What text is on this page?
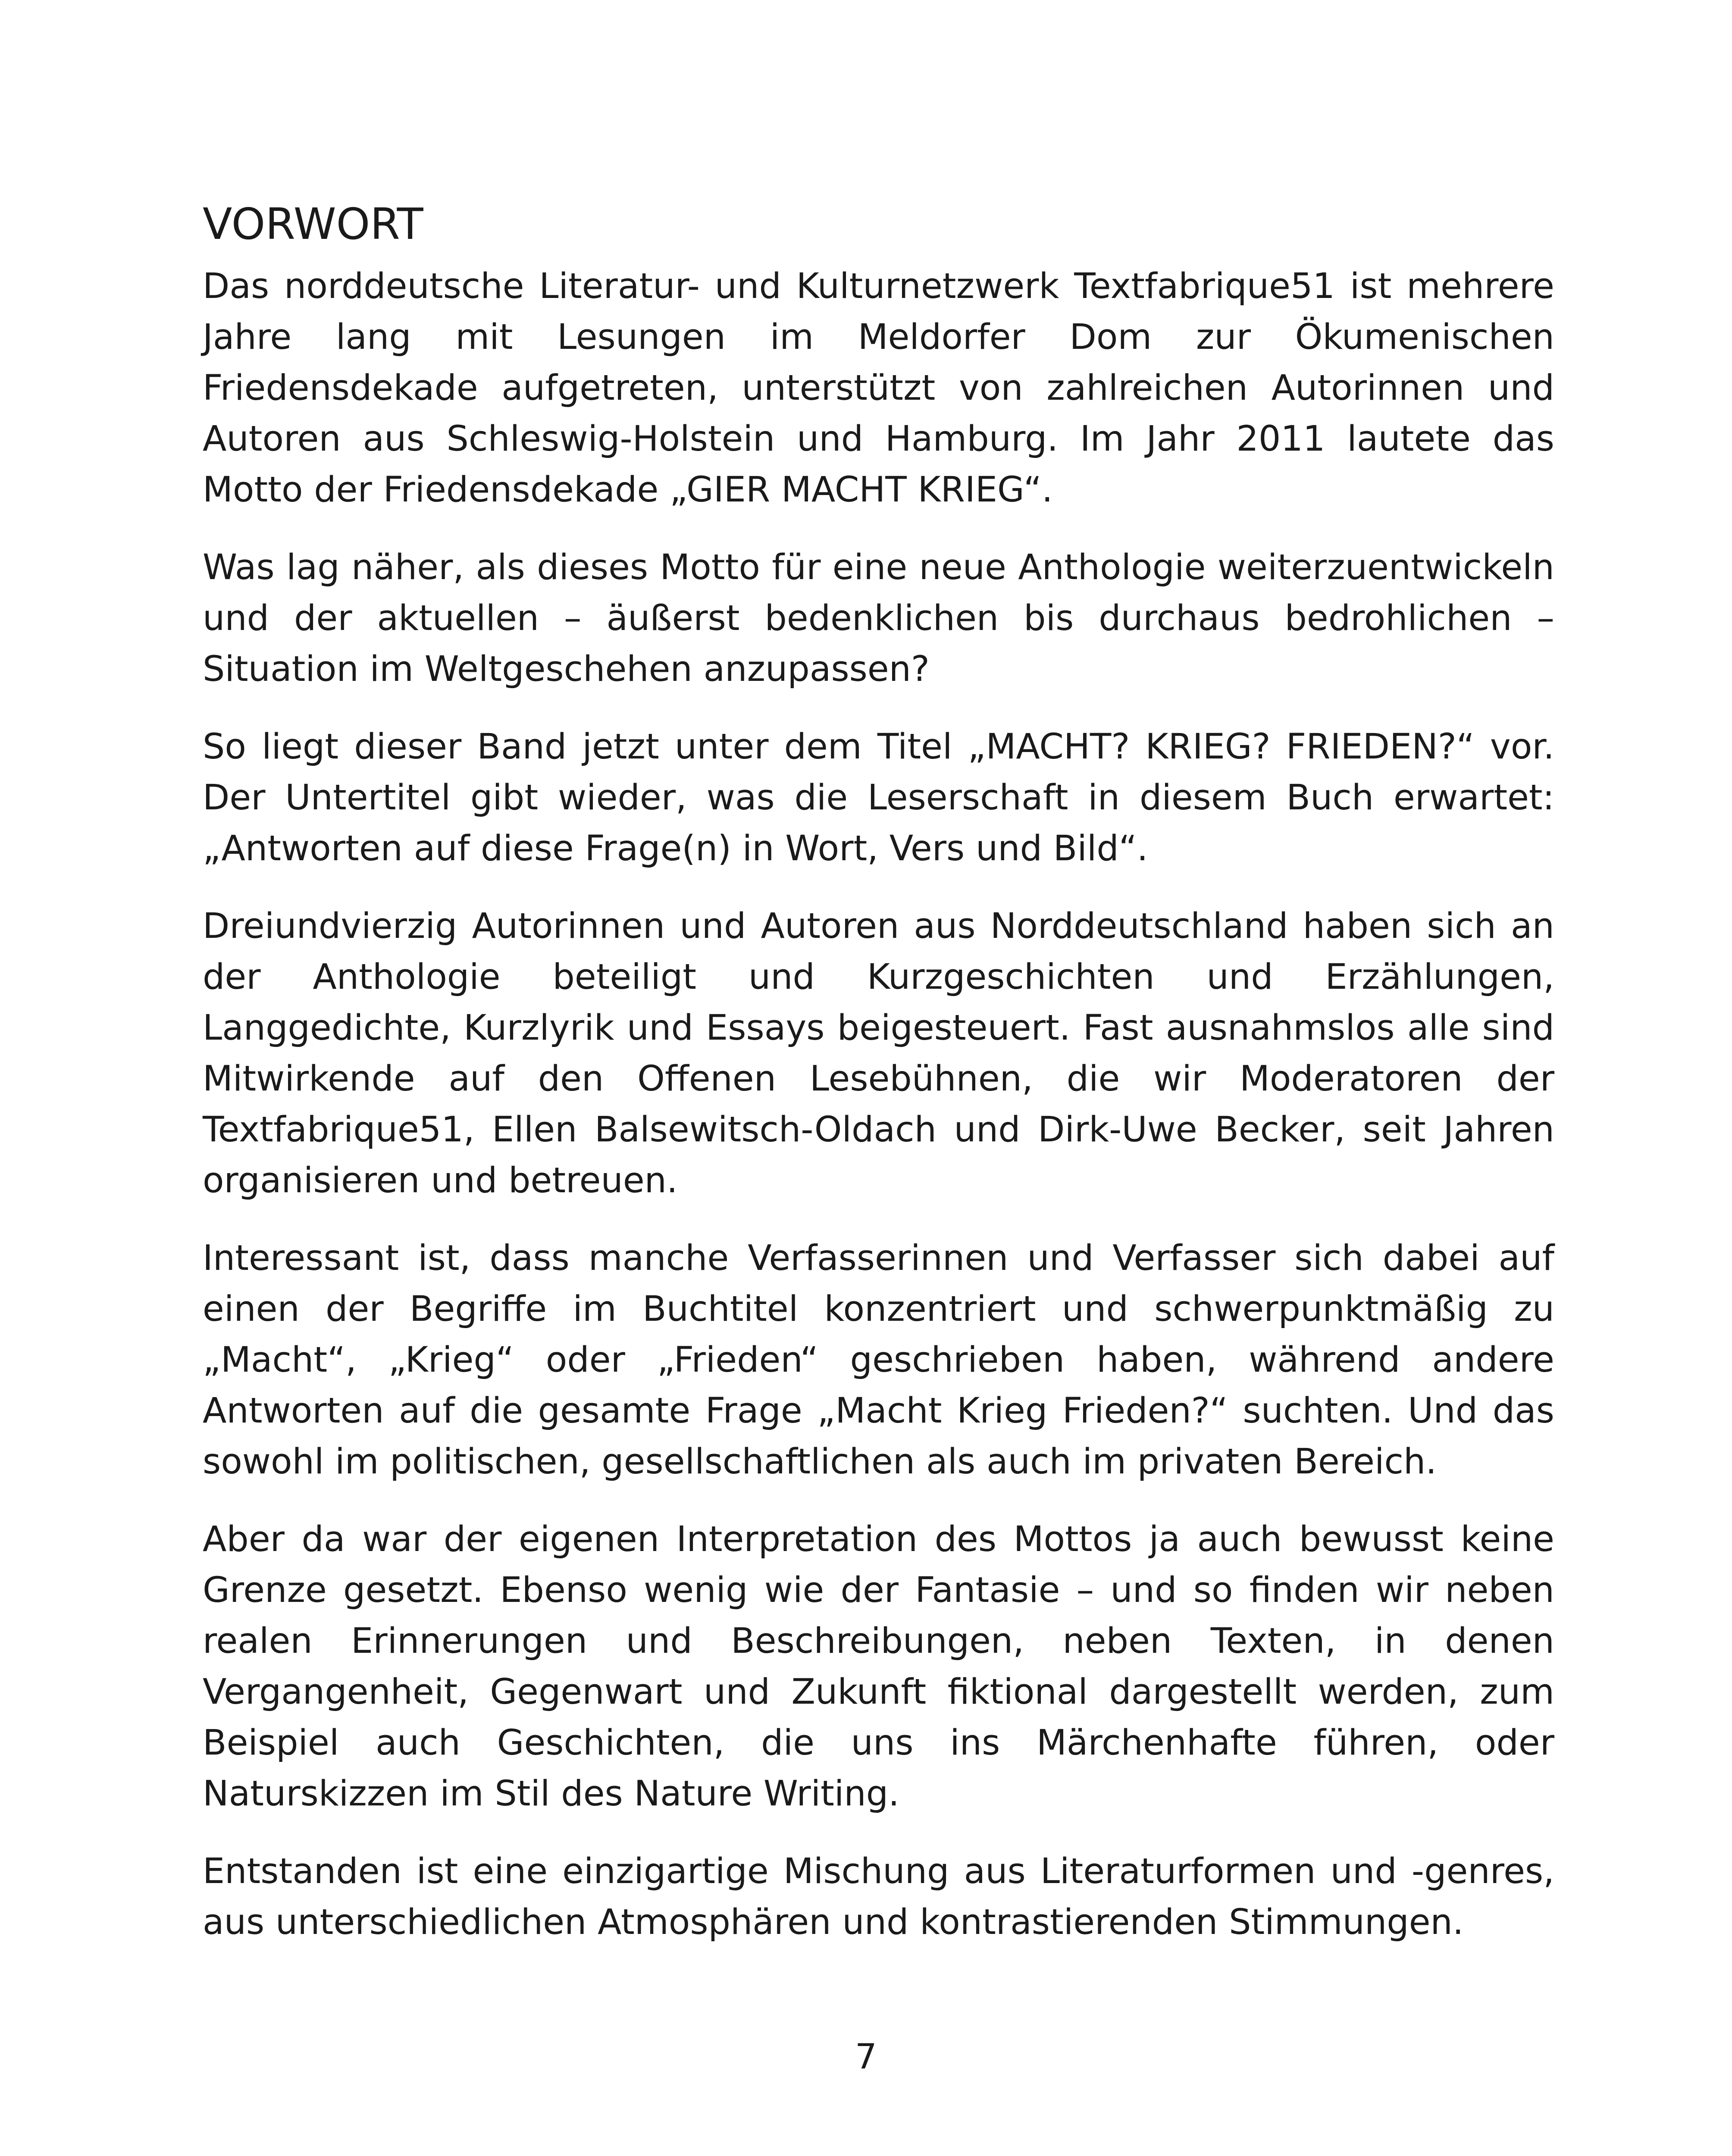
VORWORT

Das norddeutsche Literatur- und Kulturnetzwerk Textfabrique51 ist mehrere Jahre lang mit Lesungen im Meldorfer Dom zur Ökumenischen Friedensdekade aufgetreten, unterstützt von zahlreichen Autorinnen und Autoren aus Schleswig-Holstein und Hamburg. Im Jahr 2011 lautete das Motto der Friedensdekade „GIER MACHT KRIEG“.

Was lag näher, als dieses Motto für eine neue Anthologie weiterzuentwickeln und der aktuellen – äußerst bedenklichen bis durchaus bedrohlichen – Situation im Weltgeschehen anzupassen?

So liegt dieser Band jetzt unter dem Titel „MACHT? KRIEG? FRIEDEN?“ vor. Der Untertitel gibt wieder, was die Leserschaft in diesem Buch erwartet: „Antworten auf diese Frage(n) in Wort, Vers und Bild“.

Dreiundvierzig Autorinnen und Autoren aus Norddeutschland haben sich an der Anthologie beteiligt und Kurzgeschichten und Erzählungen, Langgedichte, Kurzlyrik und Essays beigesteuert. Fast ausnahmslos alle sind Mitwirkende auf den Offenen Lesebühnen, die wir Moderatoren der Textfabrique51, Ellen Balsewitsch-Oldach und Dirk-Uwe Becker, seit Jahren organisieren und betreuen.

Interessant ist, dass manche Verfasserinnen und Verfasser sich dabei auf einen der Begriffe im Buchtitel konzentriert und schwerpunktmäßig zu „Macht“, „Krieg“ oder „Frieden“ geschrieben haben, während andere Antworten auf die gesamte Frage „Macht Krieg Frieden?“ suchten. Und das sowohl im politischen, gesellschaftlichen als auch im privaten Bereich.

Aber da war der eigenen Interpretation des Mottos ja auch bewusst keine Grenze gesetzt. Ebenso wenig wie der Fantasie – und so finden wir neben realen Erinnerungen und Beschreibungen, neben Texten, in denen Vergangenheit, Gegenwart und Zukunft fiktional dargestellt werden, zum Beispiel auch Geschichten, die uns ins Märchenhafte führen, oder Naturskizzen im Stil des Nature Writing.

Entstanden ist eine einzigartige Mischung aus Literaturformen und -genres, aus unterschiedlichen Atmosphären und kontrastierenden Stimmungen.

7
